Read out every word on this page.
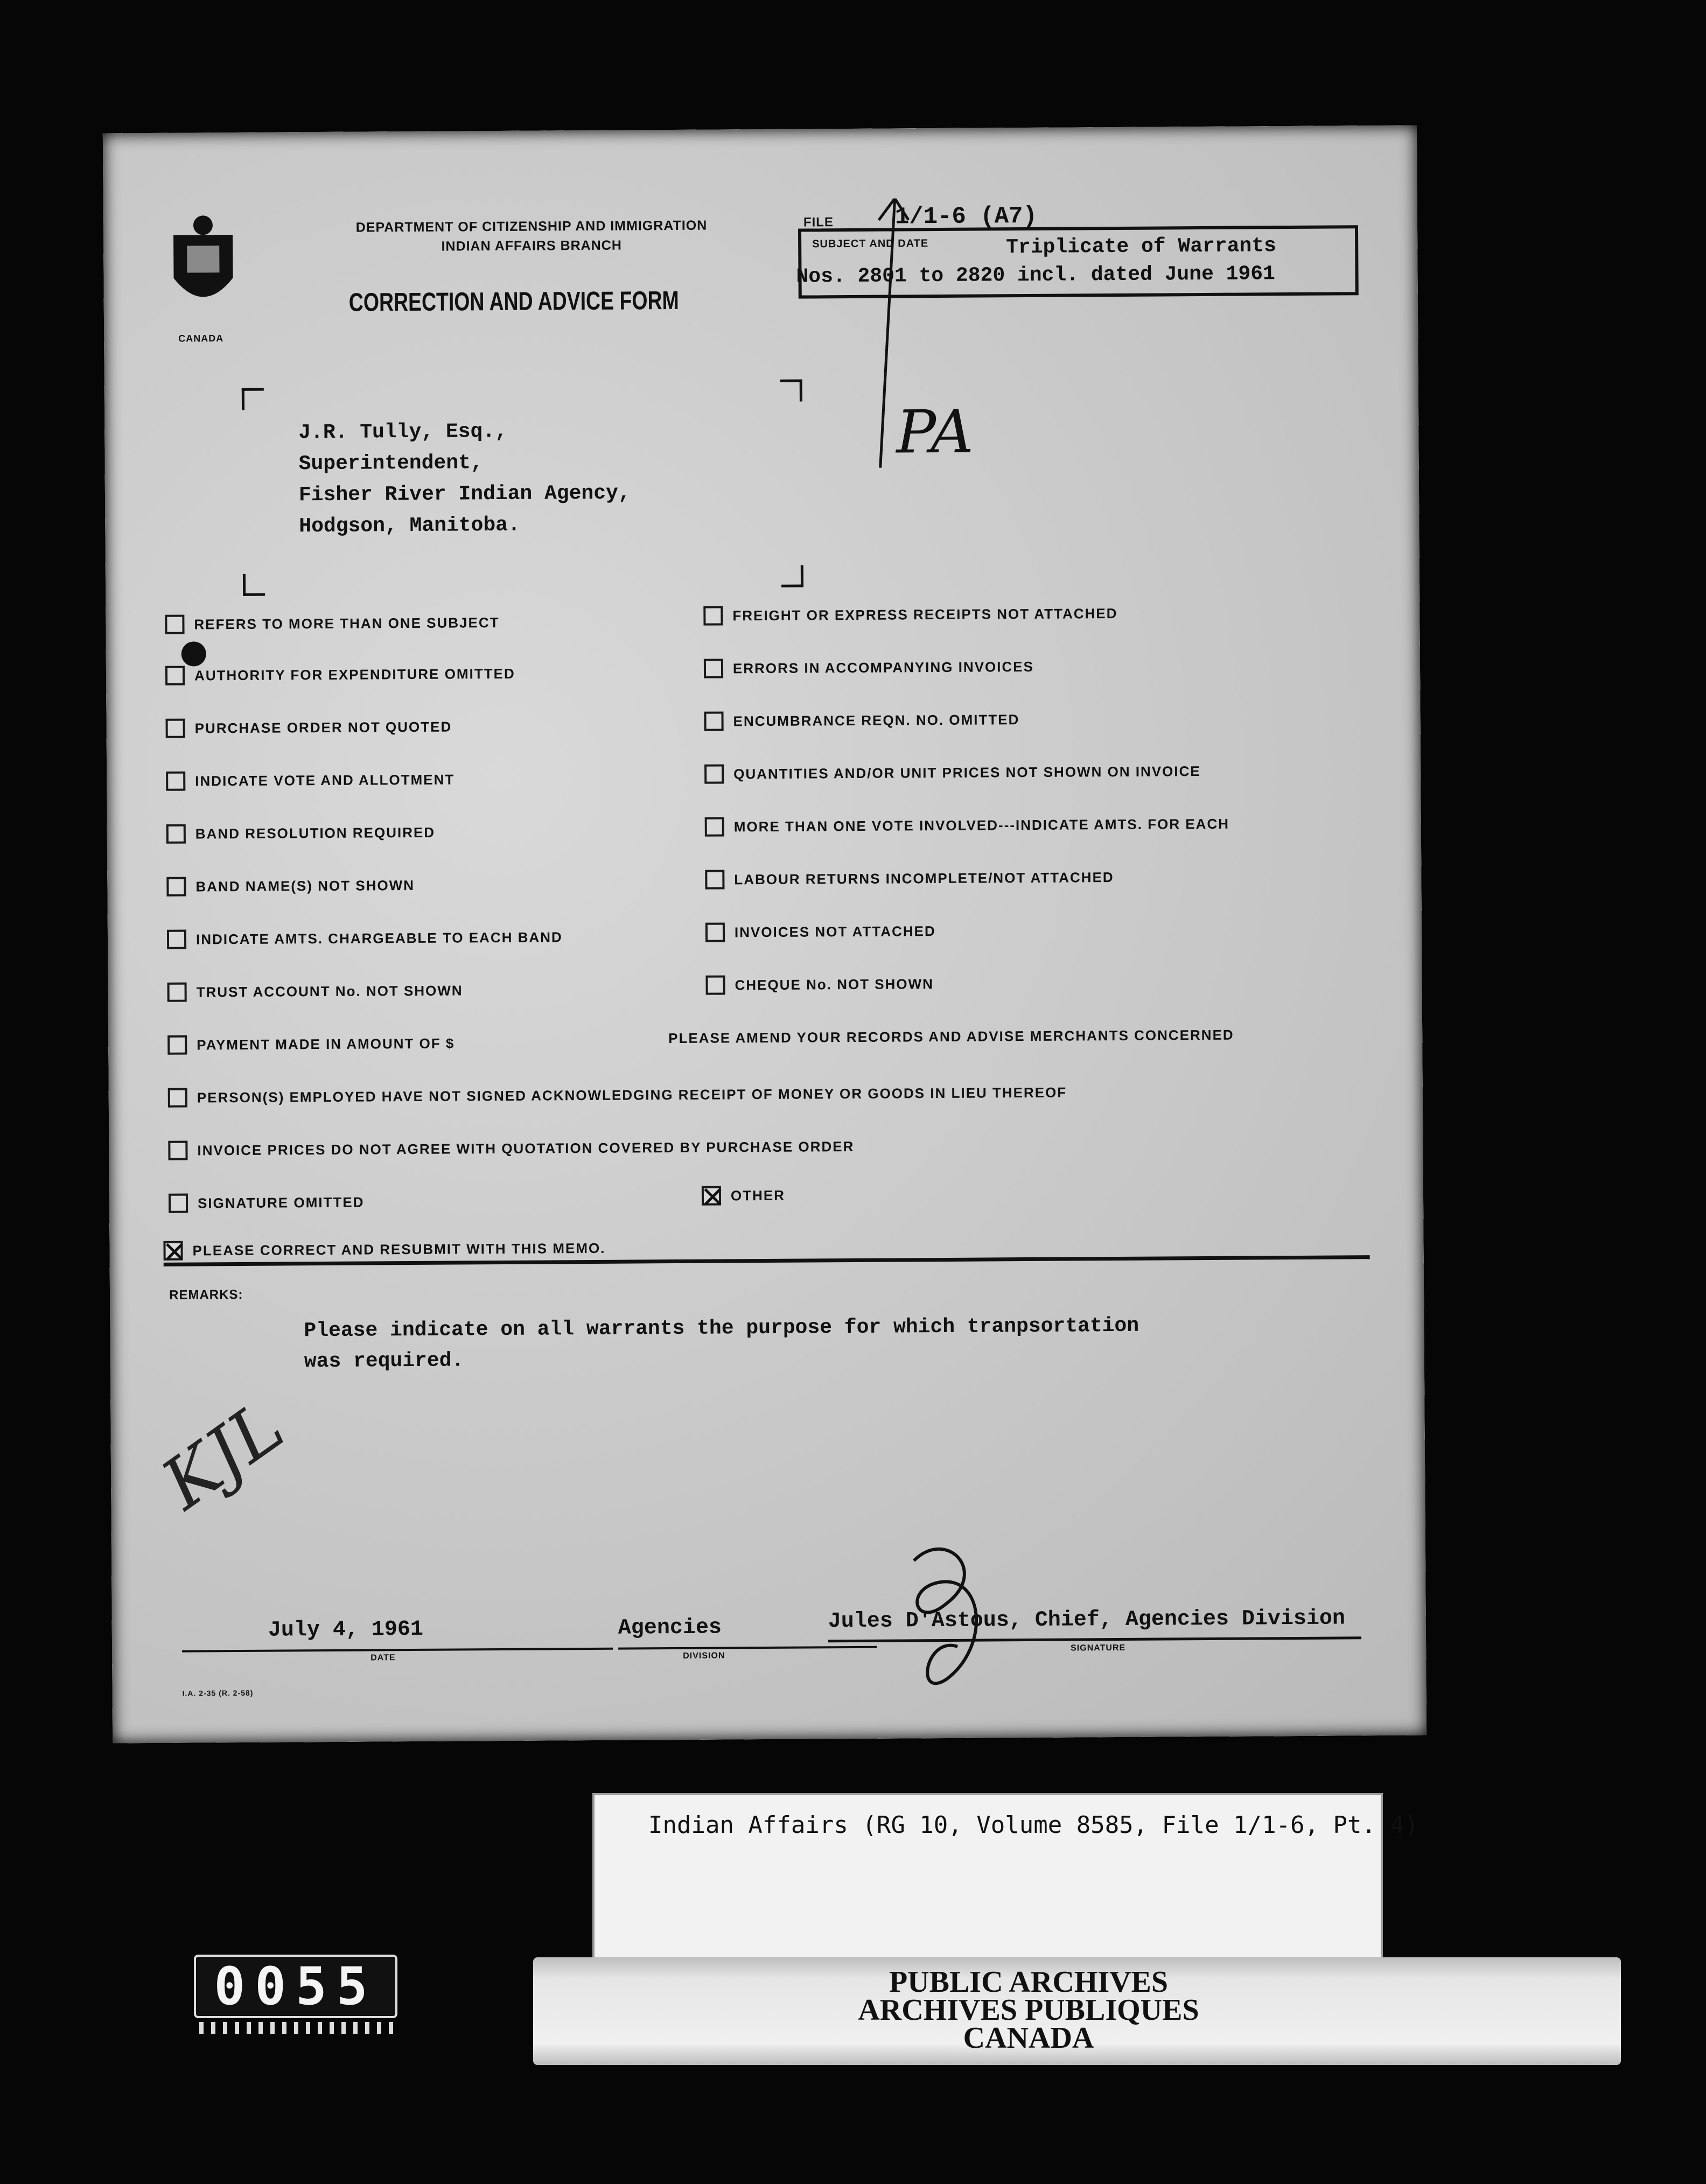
CANADA
DEPARTMENT OF CITIZENSHIP AND IMMIGRATION
INDIAN AFFAIRS BRANCH
CORRECTION AND ADVICE FORM
FILE	1/1-6 (A7)
SUBJECT AND DATE	Triplicate of Warrants
Nos. 2801 to 2820 incl. dated June 1961
PA
J.R. Tully, Esq.,
Superintendent,
Fisher River Indian Agency,
Hodgson, Manitoba.
REFERS TO MORE THAN ONE SUBJECT
AUTHORITY FOR EXPENDITURE OMITTED
PURCHASE ORDER NOT QUOTED
INDICATE VOTE AND ALLOTMENT
BAND RESOLUTION REQUIRED
BAND NAME(S) NOT SHOWN
INDICATE AMTS. CHARGEABLE TO EACH BAND
TRUST ACCOUNT No. NOT SHOWN
PAYMENT MADE IN AMOUNT OF $
FREIGHT OR EXPRESS RECEIPTS NOT ATTACHED
ERRORS IN ACCOMPANYING INVOICES
ENCUMBRANCE REQN. NO. OMITTED
QUANTITIES AND/OR UNIT PRICES NOT SHOWN ON INVOICE
MORE THAN ONE VOTE INVOLVED---INDICATE AMTS. FOR EACH
LABOUR RETURNS INCOMPLETE/NOT ATTACHED
INVOICES NOT ATTACHED
CHEQUE No. NOT SHOWN
PLEASE AMEND YOUR RECORDS AND ADVISE MERCHANTS CONCERNED
PERSON(S) EMPLOYED HAVE NOT SIGNED ACKNOWLEDGING RECEIPT OF MONEY OR GOODS IN LIEU THEREOF
INVOICE PRICES DO NOT AGREE WITH QUOTATION COVERED BY PURCHASE ORDER
SIGNATURE OMITTED	OTHER
PLEASE CORRECT AND RESUBMIT WITH THIS MEMO.
REMARKS:
Please indicate on all warrants the purpose for which tranpsortation
was required.
KJL
July 4, 1961
DATE
Agencies
DIVISION
Jules D'Astous, Chief, Agencies Division
SIGNATURE
I.A. 2-35 (R. 2-58)
Indian Affairs (RG 10, Volume 8585, File 1/1-6, Pt. 4)
PUBLIC ARCHIVES
ARCHIVES PUBLIQUES
CANADA
0055
